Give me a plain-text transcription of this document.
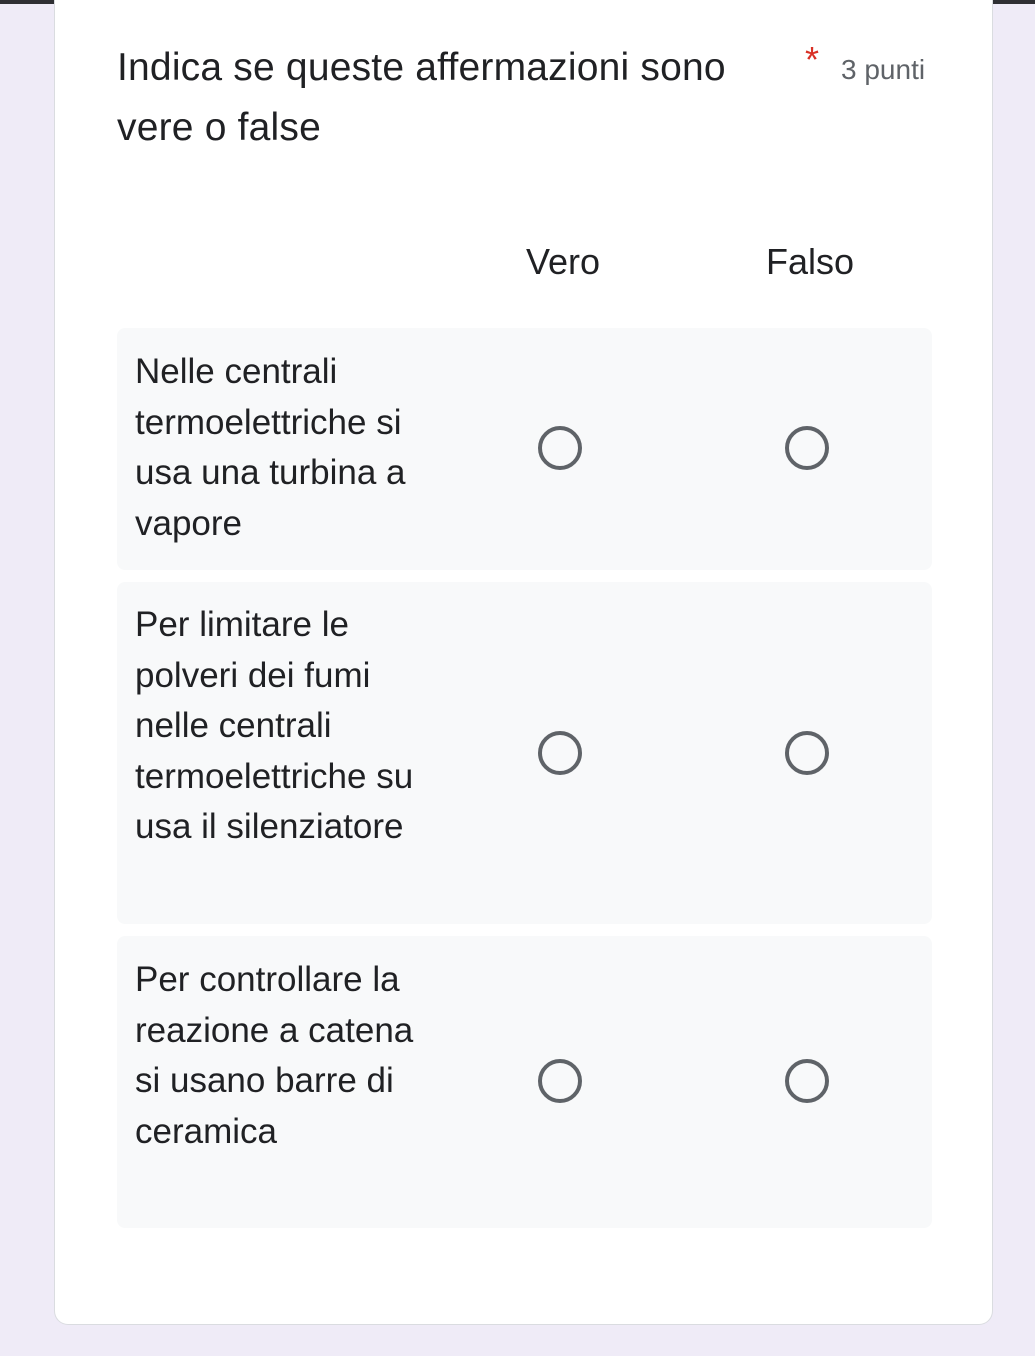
Indica se queste affermazioni sono vere o false
* 3 punti
Vero	Falso
Nelle centrali termoelettriche si usa una turbina a vapore
Per limitare le polveri dei fumi nelle centrali termoelettriche su usa il silenziatore
Per controllare la reazione a catena si usano barre di ceramica
